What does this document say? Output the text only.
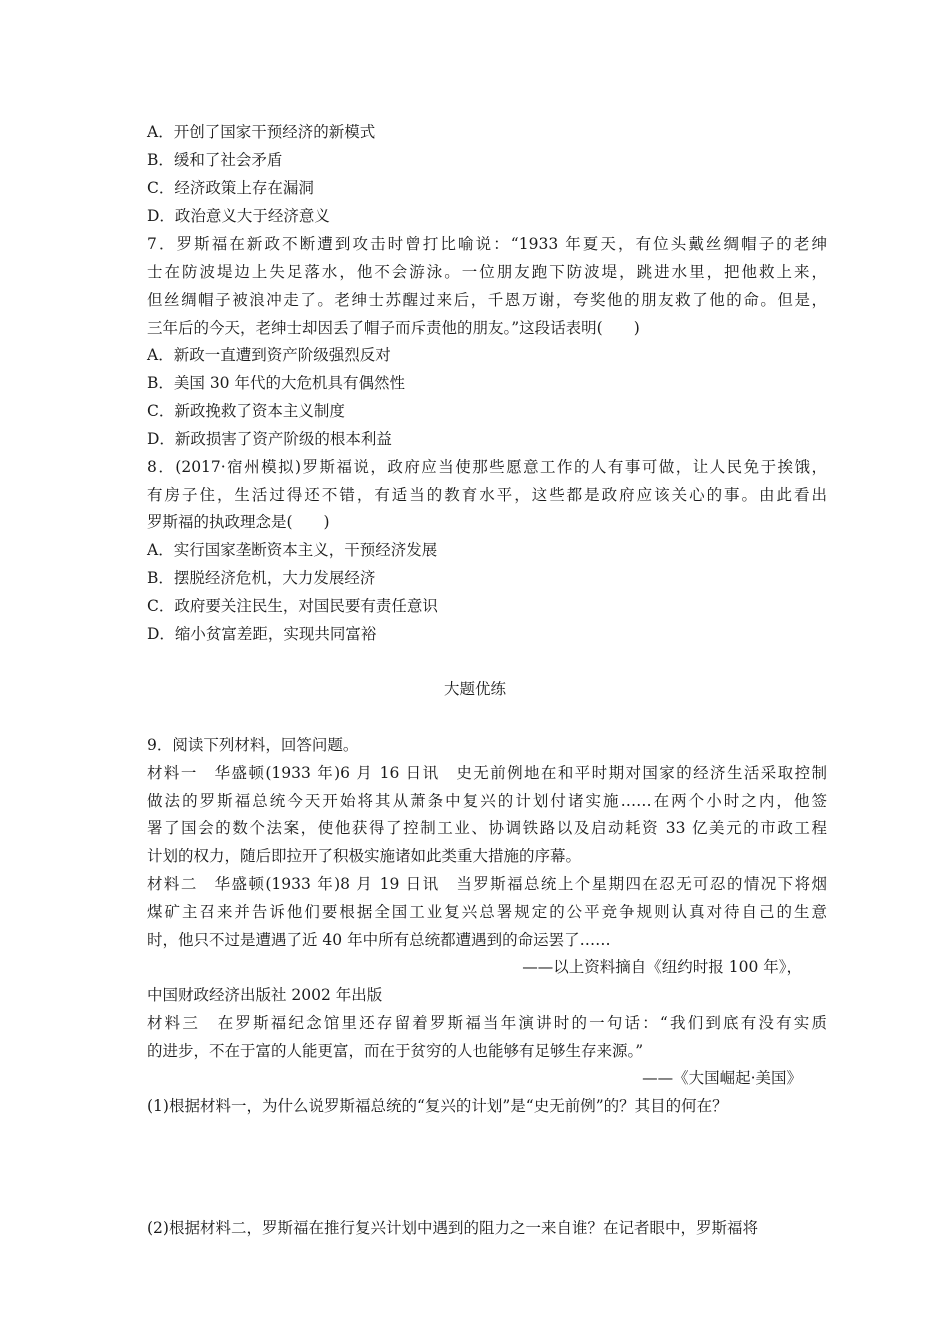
A．开创了国家干预经济的新模式
B．缓和了社会矛盾
C．经济政策上存在漏洞
D．政治意义大于经济意义
7．罗斯福在新政不断遭到攻击时曾打比喻说：“1933 年夏天，有位头戴丝绸帽子的老绅
士在防波堤边上失足落水，他不会游泳。一位朋友跑下防波堤，跳进水里，把他救上来，
但丝绸帽子被浪冲走了。老绅士苏醒过来后，千恩万谢，夸奖他的朋友救了他的命。但是，
三年后的今天，老绅士却因丢了帽子而斥责他的朋友。”这段话表明(　　)
A．新政一直遭到资产阶级强烈反对
B．美国 30 年代的大危机具有偶然性
C．新政挽救了资本主义制度
D．新政损害了资产阶级的根本利益
8．(2017·宿州模拟)罗斯福说，政府应当使那些愿意工作的人有事可做，让人民免于挨饿，
有房子住，生活过得还不错，有适当的教育水平，这些都是政府应该关心的事。由此看出
罗斯福的执政理念是(　　)
A．实行国家垄断资本主义，干预经济发展
B．摆脱经济危机，大力发展经济
C．政府要关注民生，对国民要有责任意识
D．缩小贫富差距，实现共同富裕
大题优练
9．阅读下列材料，回答问题。
材料一　华盛顿(1933 年)6 月 16 日讯　史无前例地在和平时期对国家的经济生活采取控制
做法的罗斯福总统今天开始将其从萧条中复兴的计划付诸实施……在两个小时之内，他签
署了国会的数个法案，使他获得了控制工业、协调铁路以及启动耗资 33 亿美元的市政工程
计划的权力，随后即拉开了积极实施诸如此类重大措施的序幕。
材料二　华盛顿(1933 年)8 月 19 日讯　当罗斯福总统上个星期四在忍无可忍的情况下将烟
煤矿主召来并告诉他们要根据全国工业复兴总署规定的公平竞争规则认真对待自己的生意
时，他只不过是遭遇了近 40 年中所有总统都遭遇到的命运罢了……
——以上资料摘自《纽约时报 100 年》，
中国财政经济出版社 2002 年出版
材料三　在罗斯福纪念馆里还存留着罗斯福当年演讲时的一句话：“我们到底有没有实质
的进步，不在于富的人能更富，而在于贫穷的人也能够有足够生存来源。”
——《大国崛起·美国》
(1)根据材料一，为什么说罗斯福总统的“复兴的计划”是“史无前例”的？其目的何在？
(2)根据材料二，罗斯福在推行复兴计划中遇到的阻力之一来自谁？在记者眼中，罗斯福将
